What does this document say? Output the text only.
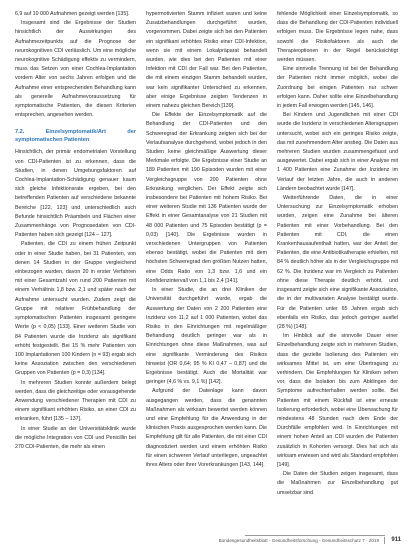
6,9 auf 10 000 Aufnahmen gezeigt werden [135].

Insgesamt sind die Ergebnisse der Studien hinsichtlich der Auswirkungen des Aufnahmezeitpunkts auf die Prognose der neurokognitiven CDI verlässlich. Um eine mögliche neurokognitive Schädigung effektiv zu vermindern, muss das Setzen von einer Cochlea-Implantation vordem Alter von sechs Jahren erfolgen und die Aufnahme einer entsprechenden Behandlung kann als generelle Aufnahmevoraussetzung für symptomatische Patienten, die diesen Kriterien entsprechen, angesehen werden.

7.2. Einzelsymptomatik/Art der symptomatischen Patienten

Hinsichtlich, der primär endometrialen Vorstellung von CDI-Patienten ist zu erkennen, dass die Studien, in denen Umgebungsfaktoren auf Cochlea-Implantation-Schädigung genauer kaum sich gleiche Infektionsrate ergeben, bei den betreffenden Patienten auf verschiedene bekannte Bereiche [122, 123] und unterschiedlich auch Befunde hinsichtlich Präambeln und Flächen einer Zusammenhänge von Prognosedaten von CDI-Patienten haben sich gezeigt [124 – 127].

Patienten, die CDI zu einem frühen Zeitpunkt oder in einer Studie haben, bei 31 Patienten, von denen 14 Studien in der Gruppe vergleichend einbezogen wurden, davon 20 in erster Verfahren mit einer Gesamtzahl von rund 200 Patienten mit einem Verhältnis 1,8 bzw. 2,1 und später nach der Aufnahme untersucht wurden. Zudem zeigt die Gruppe mit relativer Frühbehandlung der symptomatischen Patienten insgesamt geringere Werte (p < 0,05) [133]. Einer weiteren Studie von 84 Patienten wurde die Inzidenz als signifikant erhöht festgestellt. Bei 15 % mehr Patienten von 100 Implantationen 100 Kindern (n = 93) ergab sich keine Assoziation zwischen den verschiedenen Gruppen von Patienten (p = 0,3) [134].

In mehreren Studien konnte außerdem belegt werden, dass die gleichzeitige oder vorausgehende Anwendung verschiedener Therapien mit CDI zu einem signifikant erhöhten Risiko, an einer CDI zu erkranken, führt [135 – 137].

In einer Studie an der Universitätsklinik wurde die mögliche Integration von CDI und Penicillin bei 270 CDI-Patienten, die mehr als einen

hypermotivierten Stamm infiziert waren und keine Zusatzbehandlungen durchgeführt wurden, vorgenommen. Dabei zeigte sich bei den Patienten ein signifikant erhöhtes Risiko einer CDI-Infektion, wenn sie mit einem Lokalpräparat behandelt wurden, wie dies bei den Patienten mit einer Infektion mit CDI der Fall war. Bei den Patienten, die mit einem einzigen Stamm behandelt wurden, war kein signifikanter Unterschied zu erkennen, aber einige Ergebnisse zeigten Tendenzen in einem nahezu gleichen Bereich [139].

Die Effekte der Einzelsymptomatik auf die Behandlung der CDI-Patienten und den Schweregrad der Erkrankung zeigten sich bei der Verlaufsanalyse durchgehend, wobei jedoch in den Studien keine gleichmäßige Auswertung dieser Merkmale erfolgte. Die Ergebnisse einer Studie an 189 Patienten mit 190 Episoden wurden mit einer Vergleichsgruppe von 200 Patienten ohne Erkrankung verglichen. Der Effekt zeigte sich insbesondere bei Patienten mit hohem Risiko. Bei einer weiteren Studie mit 136 Patienten wurde der Effekt in einer Gesamtanalyse von 21 Studien mit 48 000 Patienten und 75 Episoden bestätigt (p = 0,03) [140]. Die Ergebnisse wurden in verschiedenen Untergruppen von Patienten ebenso bestätigt, wobei die Patienten mit dem höchsten Schweregrad den größten Nutzen hatten, eine Odds Ratio von 1,3 bzw. 1,6 und ein Konfidenzintervall von 1,1 bis 2,4 [141].

In einer Studie, die an drei Kliniken der Universität durchgeführt wurde, ergab die Auswertung der Daten von 2 200 Patienten eine Inzidenz von 11,2 auf 1 000 Patienten, wobei das Risiko in den Einrichtungen mit regelmäßiger Behandlung deutlich geringer war als in Einrichtungen ohne diese Maßnahmen, was auf eine signifikante Verminderung des Risikos hinweist (OR 0,64; 95 % KI 0,47 – 0,87) und die Ergebnisse bestätigt. Auch die Mortalität war geringer (4,6 % vs. 9,1 %) [142].

Aufgrund der Datenlage kann davon ausgegangen werden, dass die genannten Maßnahmen als wirksam bewertet werden können und eine Empfehlung für die Anwendung in der klinischen Praxis ausgesprochen werden kann. Die Empfehlung gilt für alle Patienten, die mit einer CDI diagnostiziert werden und einem erhöhten Risiko für einen schweren Verlauf unterliegen, ungeachtet ihres Alters oder ihrer Vorerkrankungen [143, 144].

fehlende Möglichkeit einer Einzelsymptomatik, so dass die Behandlung der CDI-Patienten individuell erfolgen muss. Die Ergebnisse legen nahe, dass sowohl die Risikofaktoren als auch die Therapieoptionen in der Regel berücksichtigt werden müssen.

Eine sinnvolle Trennung ist bei der Behandlung der Patienten nicht immer möglich, wobei die Zuordnung bei einigen Patienten nur schwer erfolgen kann. Daher sollte eine Einzelbehandlung in jedem Fall erwogen werden [145, 146].

Bei Kindern und Jugendlichen mit einer CDI wurde die Inzidenz in verschiedenen Altersgruppen untersucht, wobei sich ein geringes Risiko zeigte, das mit zunehmendem Alter anstieg. Die Daten aus mehreren Studien wurden zusammengefasst und ausgewertet. Dabei ergab sich in einer Analyse mit 1 400 Patienten eine Zunahme der Inzidenz im Verlauf der letzten Jahre, die auch in anderen Ländern beobachtet wurde [147].

Weiterführende Daten, die in einer Untersuchung zur Einzelsymptomatik erhoben wurden, zeigen eine Zunahme bei älteren Patienten mit einer Vorbehandlung. Bei den Patienten mit CDI, die einen Krankenhausaufenthalt hatten, war der Anteil der Patienten, die eine Antibiotikatherapie erhielten, mit 84 % deutlich höher als in der Vergleichsgruppe mit 62 %. Die Inzidenz war im Vergleich zu Patienten ohne diese Therapie deutlich erhöht, und insgesamt zeigte sich eine signifikante Assoziation, die in der multivariaten Analyse bestätigt wurde. Für die Patienten unter 65 Jahren ergab sich ebenfalls ein Risiko, das jedoch geringer ausfiel (28 %) [148].

Im Hinblick auf die sinnvolle Dauer einer Einzelbehandlung zeigte sich in mehreren Studien, dass die gezielte Isolierung des Patienten ein wirksames Mittel ist, um eine Übertragung zu verhindern. Die Empfehlungen für Kliniken sehen vor, dass die Isolation bis zum Abklingen der Symptome aufrechterhalten werden sollte. Bei Patienten mit einem Rückfall ist eine erneute Isolierung erforderlich, wobei eine Überwachung für mindestens 48 Stunden nach dem Ende der Durchfälle empfohlen wird. In Einrichtungen mit einem hohen Anteil an CDI wurden die Patienten zusätzlich in Kohorten versorgt. Dies hat sich als wirksam erwiesen und wird als Standard empfohlen [149].

Die Daten der Studien zeigen insgesamt, dass die Maßnahmen zur Einzelbehandlung gut umsetzbar sind.

Bundesgesundheitsblatt - Gesundheitsforschung - Gesundheitsschutz 7 · 2019 911
